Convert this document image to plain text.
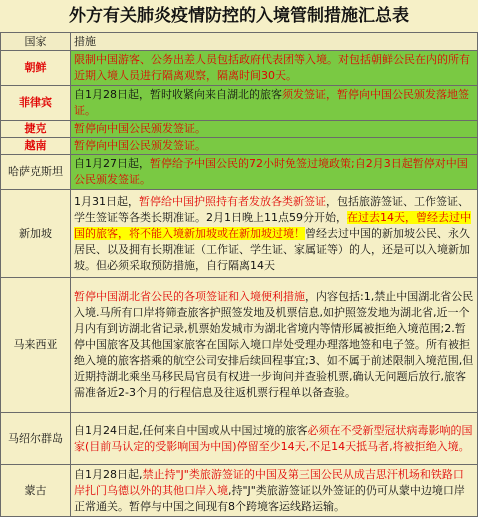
外方有关肺炎疫情防控的入境管制措施汇总表
国家	措施
朝鲜	限制中国游客、公务出差人员包括政府代表团等入境。对包括朝鲜公民在内的所有近期入境人员进行隔离观察，隔离时间30天。
菲律宾	自1月28日起，暂时收紧向来自湖北的旅客须发签证，暂停向中国公民颁发落地签证。
捷克	暂停向中国公民颁发签证。
越南	暂停向中国公民颁发签证。
哈萨克斯坦	自1月27日起，暂停给予中国公民的72小时免签过境政策;自2月3日起暂停对中国公民颁发签证。
新加坡	1月31日起，暂停给中国护照持有者发放各类新签证，包括旅游签证、工作签证、学生签证等各类长期准证。2月1日晚上11点59分开始，在过去14天，曾经去过中国的旅客，将不能入境新加坡或在新加坡过境！曾经去过中国的新加坡公民、永久居民、以及拥有长期准证（工作证、学生证、家属证等）的人，还是可以入境新加坡。但必须采取预防措施，自行隔离14天
马来西亚	暂停中国湖北省公民的各项签证和入境便利措施，内容包括:1,禁止中国湖北省公民入境.马所有口岸将筛查旅客护照签发地及机票信息,如护照签发地为湖北省,近一个月内有到访湖北省记录,机票始发城市为湖北省境内等情形属被拒绝入境范围;2.暂停中国旅客及其他国家旅客在国际入境口岸处受理办理落地签和电子签。所有被拒绝入境的旅客搭乘的航空公司安排后续回程事宜;3、如不属于前述限制入境范围,但近期持湖北乘坐马移民局官员有权进一步询问并查验机票,确认无问题后放行,旅客需准备近2-3个月的行程信息及往返机票行程单以备查验。
马绍尔群岛	自1月24日起,任何来自中国或从中国过境的旅客必须在不受新型冠状病毒影响的国家(目前马认定的受影响国为中国)停留至少14天,不足14天抵马者,将被拒绝入境。
蒙古	自1月28日起,禁止持"J"类旅游签证的中国及第三国公民从成吉思汗机场和铁路口岸扎门乌德以外的其他口岸入境,持"J"类旅游签证以外签证的仍可从蒙中边境口岸正常通关。暂停与中国之间现有8个跨境客运线路运输。
